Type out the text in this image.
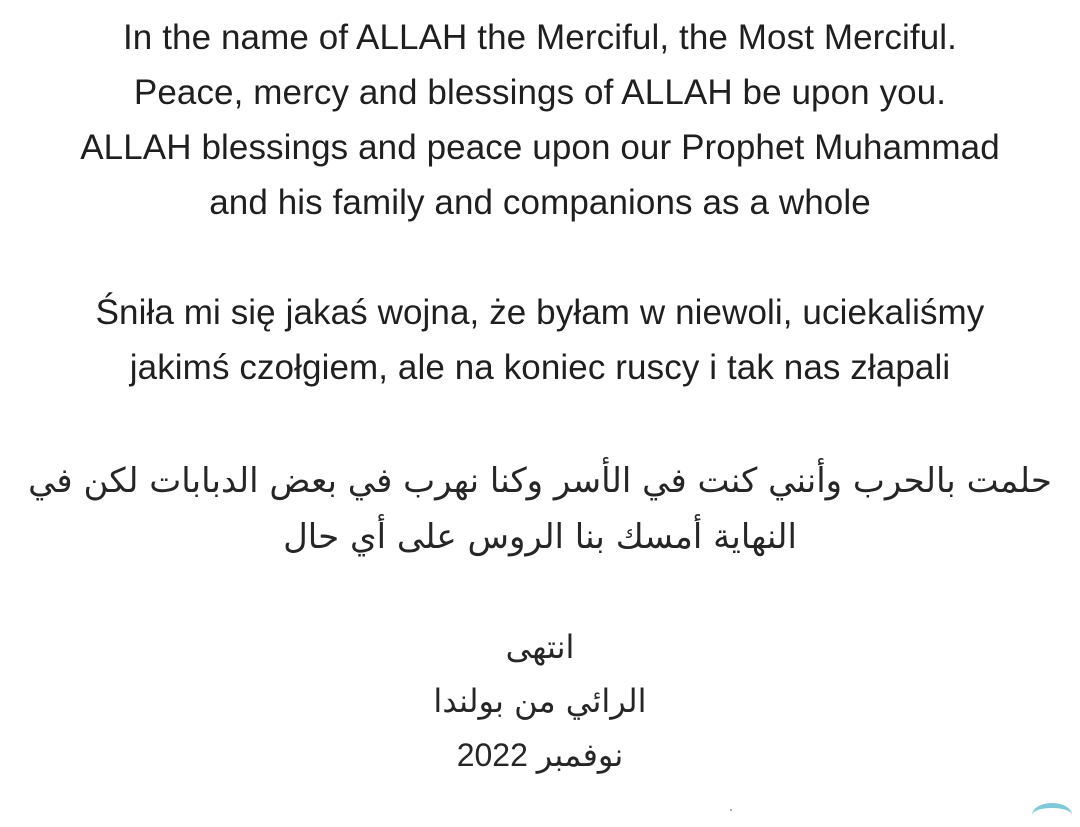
In the name of ALLAH the Merciful, the Most Merciful.
Peace, mercy and blessings of ALLAH be upon you.
ALLAH blessings and peace upon our Prophet Muhammad
and his family and companions as a whole
Śniła mi się jakaś wojna, że byłam w niewoli, uciekaliśmy
jakimś czołgiem, ale na koniec ruscy i tak nas złapali
حلمت بالحرب وأنني كنت في الأسر وكنا نهرب في بعض الدبابات لكن في
النهاية أمسك بنا الروس على أي حال
انتهى
الرائي من بولندا
نوفمبر 2022
